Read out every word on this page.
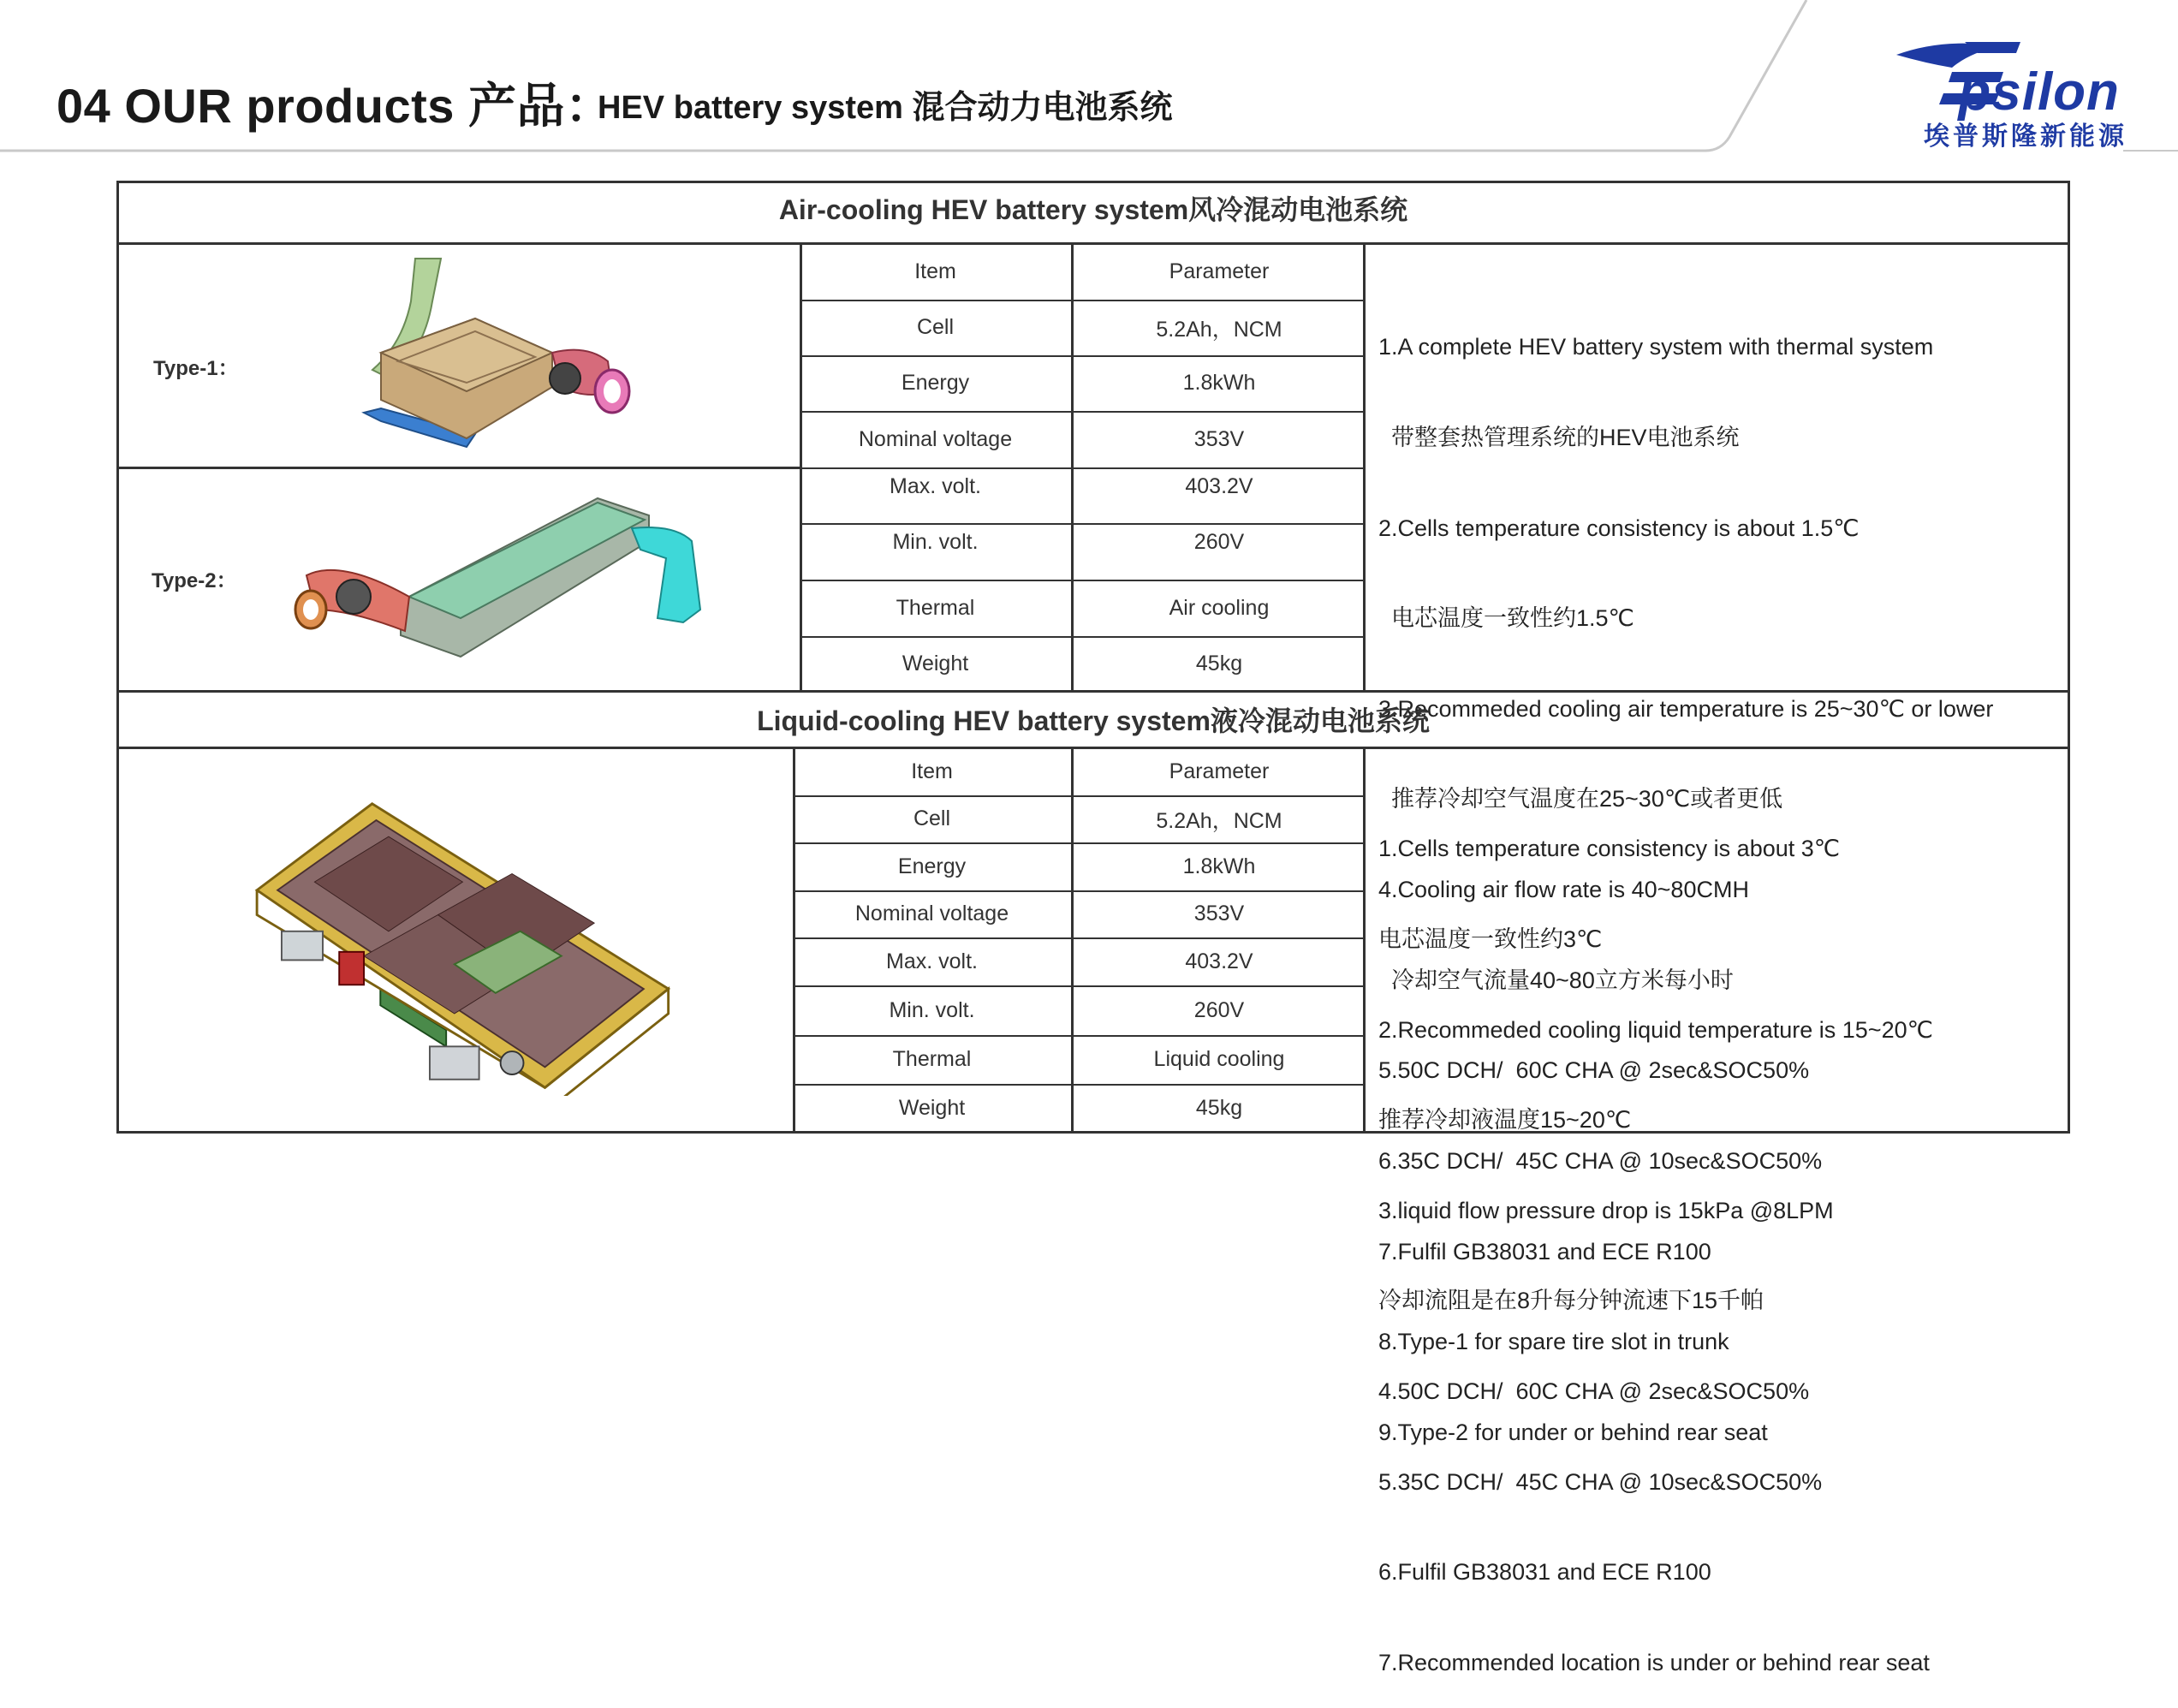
04 OUR products 产品：
HEV battery system 混合动力电池系统	psilon
埃普斯隆新能源
Air-cooling HEV battery system风冷混动电池系统
Type-1：
Type-2：
Item	Parameter
Cell	5.2Ah，NCM
Energy	1.8kWh
Nominal voltage	353V
Max. volt.	403.2V
Min. volt.	260V
Thermal	Air cooling
Weight	45kg

1.A complete HEV battery system with thermal system

带整套热管理系统的HEV电池系统

2.Cells temperature consistency is about 1.5℃

电芯温度一致性约1.5℃

3.Recommeded cooling air temperature is 25~30℃ or lower

推荐冷却空气温度在25~30℃或者更低

4.Cooling air flow rate is 40~80CMH

冷却空气流量40~80立方米每小时

5.50C DCH/  60C CHA @ 2sec&SOC50%

6.35C DCH/  45C CHA @ 10sec&SOC50%

7.Fulfil GB38031 and ECE R100

8.Type-1 for spare tire slot in trunk

9.Type-2 for under or behind rear seat

Liquid-cooling HEV battery system液冷混动电池系统
Item	Parameter
Cell	5.2Ah，NCM
Energy	1.8kWh
Nominal voltage	353V
Max. volt.	403.2V
Min. volt.	260V
Thermal	Liquid cooling
Weight	45kg

1.Cells temperature consistency is about 3℃

电芯温度一致性约3℃

2.Recommeded cooling liquid temperature is 15~20℃

推荐冷却液温度15~20℃

3.liquid flow pressure drop is 15kPa @8LPM

冷却流阻是在8升每分钟流速下15千帕

4.50C DCH/  60C CHA @ 2sec&SOC50%

5.35C DCH/  45C CHA @ 10sec&SOC50%

6.Fulfil GB38031 and ECE R100

7.Recommended location is under or behind rear seat
